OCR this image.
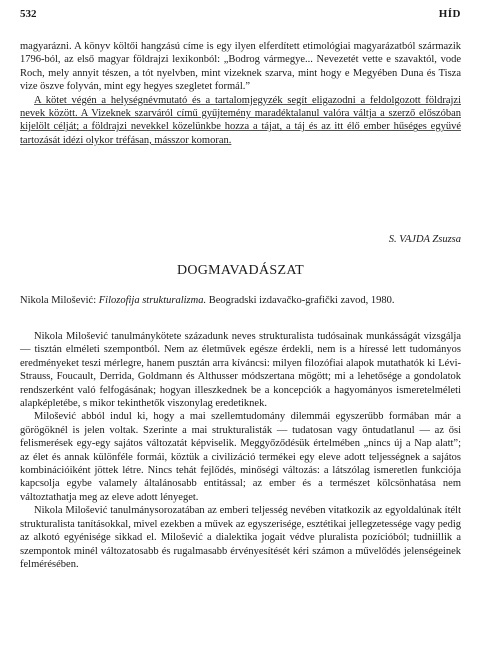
532	HÍD

magyarázni. A könyv költői hangzású címe is egy ilyen elferdített etimológiai magyarázatból származik 1796-ból, az első magyar földrajzi lexikonból: „Bodrog vármegye... Nevezetét vette e szavaktól, vode Roch, mely annyit tészen, a tót nyelvben, mint vizeknek szarva, mint hogy e Megyében Duna és Tisza vize öszve folyván, mint egy hegyes szegletet formál.”

A kötet végén a helységnévmutató és a tartalomjegyzék segít eligazodni a feldolgozott földrajzi nevek között. A Vizeknek szarváról című gyűjtemény maradéktalanul valóra váltja a szerző előszóban kijelölt célját; a földrajzi nevekkel közelünkbe hozza a tájat, a táj és az itt élő ember hűséges együvé tartozását idézi olykor tréfásan, másszor komoran.

S. VAJDA Zsuzsa

DOGMAVADÁSZAT

Nikola Milošević: Filozofija strukturalizma. Beogradski izdavačko-grafički zavod, 1980.

Nikola Milošević tanulmánykötete századunk neves strukturalista tudósainak munkásságát vizsgálja — tisztán elméleti szempontból. Nem az életművek egésze érdekli, nem is a híressé lett tudományos eredményeket teszi mérlegre, hanem pusztán arra kíváncsi: milyen filozófiai alapok mutathatók ki Lévi-Strauss, Foucault, Derrida, Goldmann és Althusser módszertana mögött; mi a lehetősége a gondolatok rendszerként való felfogásának; hogyan illeszkednek be a koncepciók a hagyományos ismeretelméleti alapképletébe, s mikor tekinthetők viszonylag eredetiknek.

Milošević abból indul ki, hogy a mai szellemtudomány dilemmái egyszerűbb formában már a görögöknél is jelen voltak. Szerinte a mai strukturalisták — tudatosan vagy öntudatlanul — az ősi felismerések egy-egy sajátos változatát képviselik. Meggyőződésük értelmében „nincs új a Nap alatt”; az élet és annak különféle formái, köztük a civilizáció termékei egy eleve adott teljességnek a sajátos kombinációiként jöttek létre. Nincs tehát fejlődés, minőségi változás: a látszólag ismeretlen funkciója kapcsolja egybe valamely általánosabb entitással; az ember és a természet kölcsönhatása nem változtathatja meg az eleve adott lényeget.

Nikola Milošević tanulmánysorozatában az emberi teljesség nevében vitatkozik az egyoldalúnak ítélt strukturalista tanításokkal, mivel ezekben a művek az egyszerisége, esztétikai jellegzetessége vagy pedig az alkotó egyénisége sikkad el. Milošević a dialektika jogait védve pluralista pozícióból; tudniillik a szempontok minél változatosabb és rugalmasabb érvényesítését kéri számon a művelődés jelenségeinek felmérésében.
